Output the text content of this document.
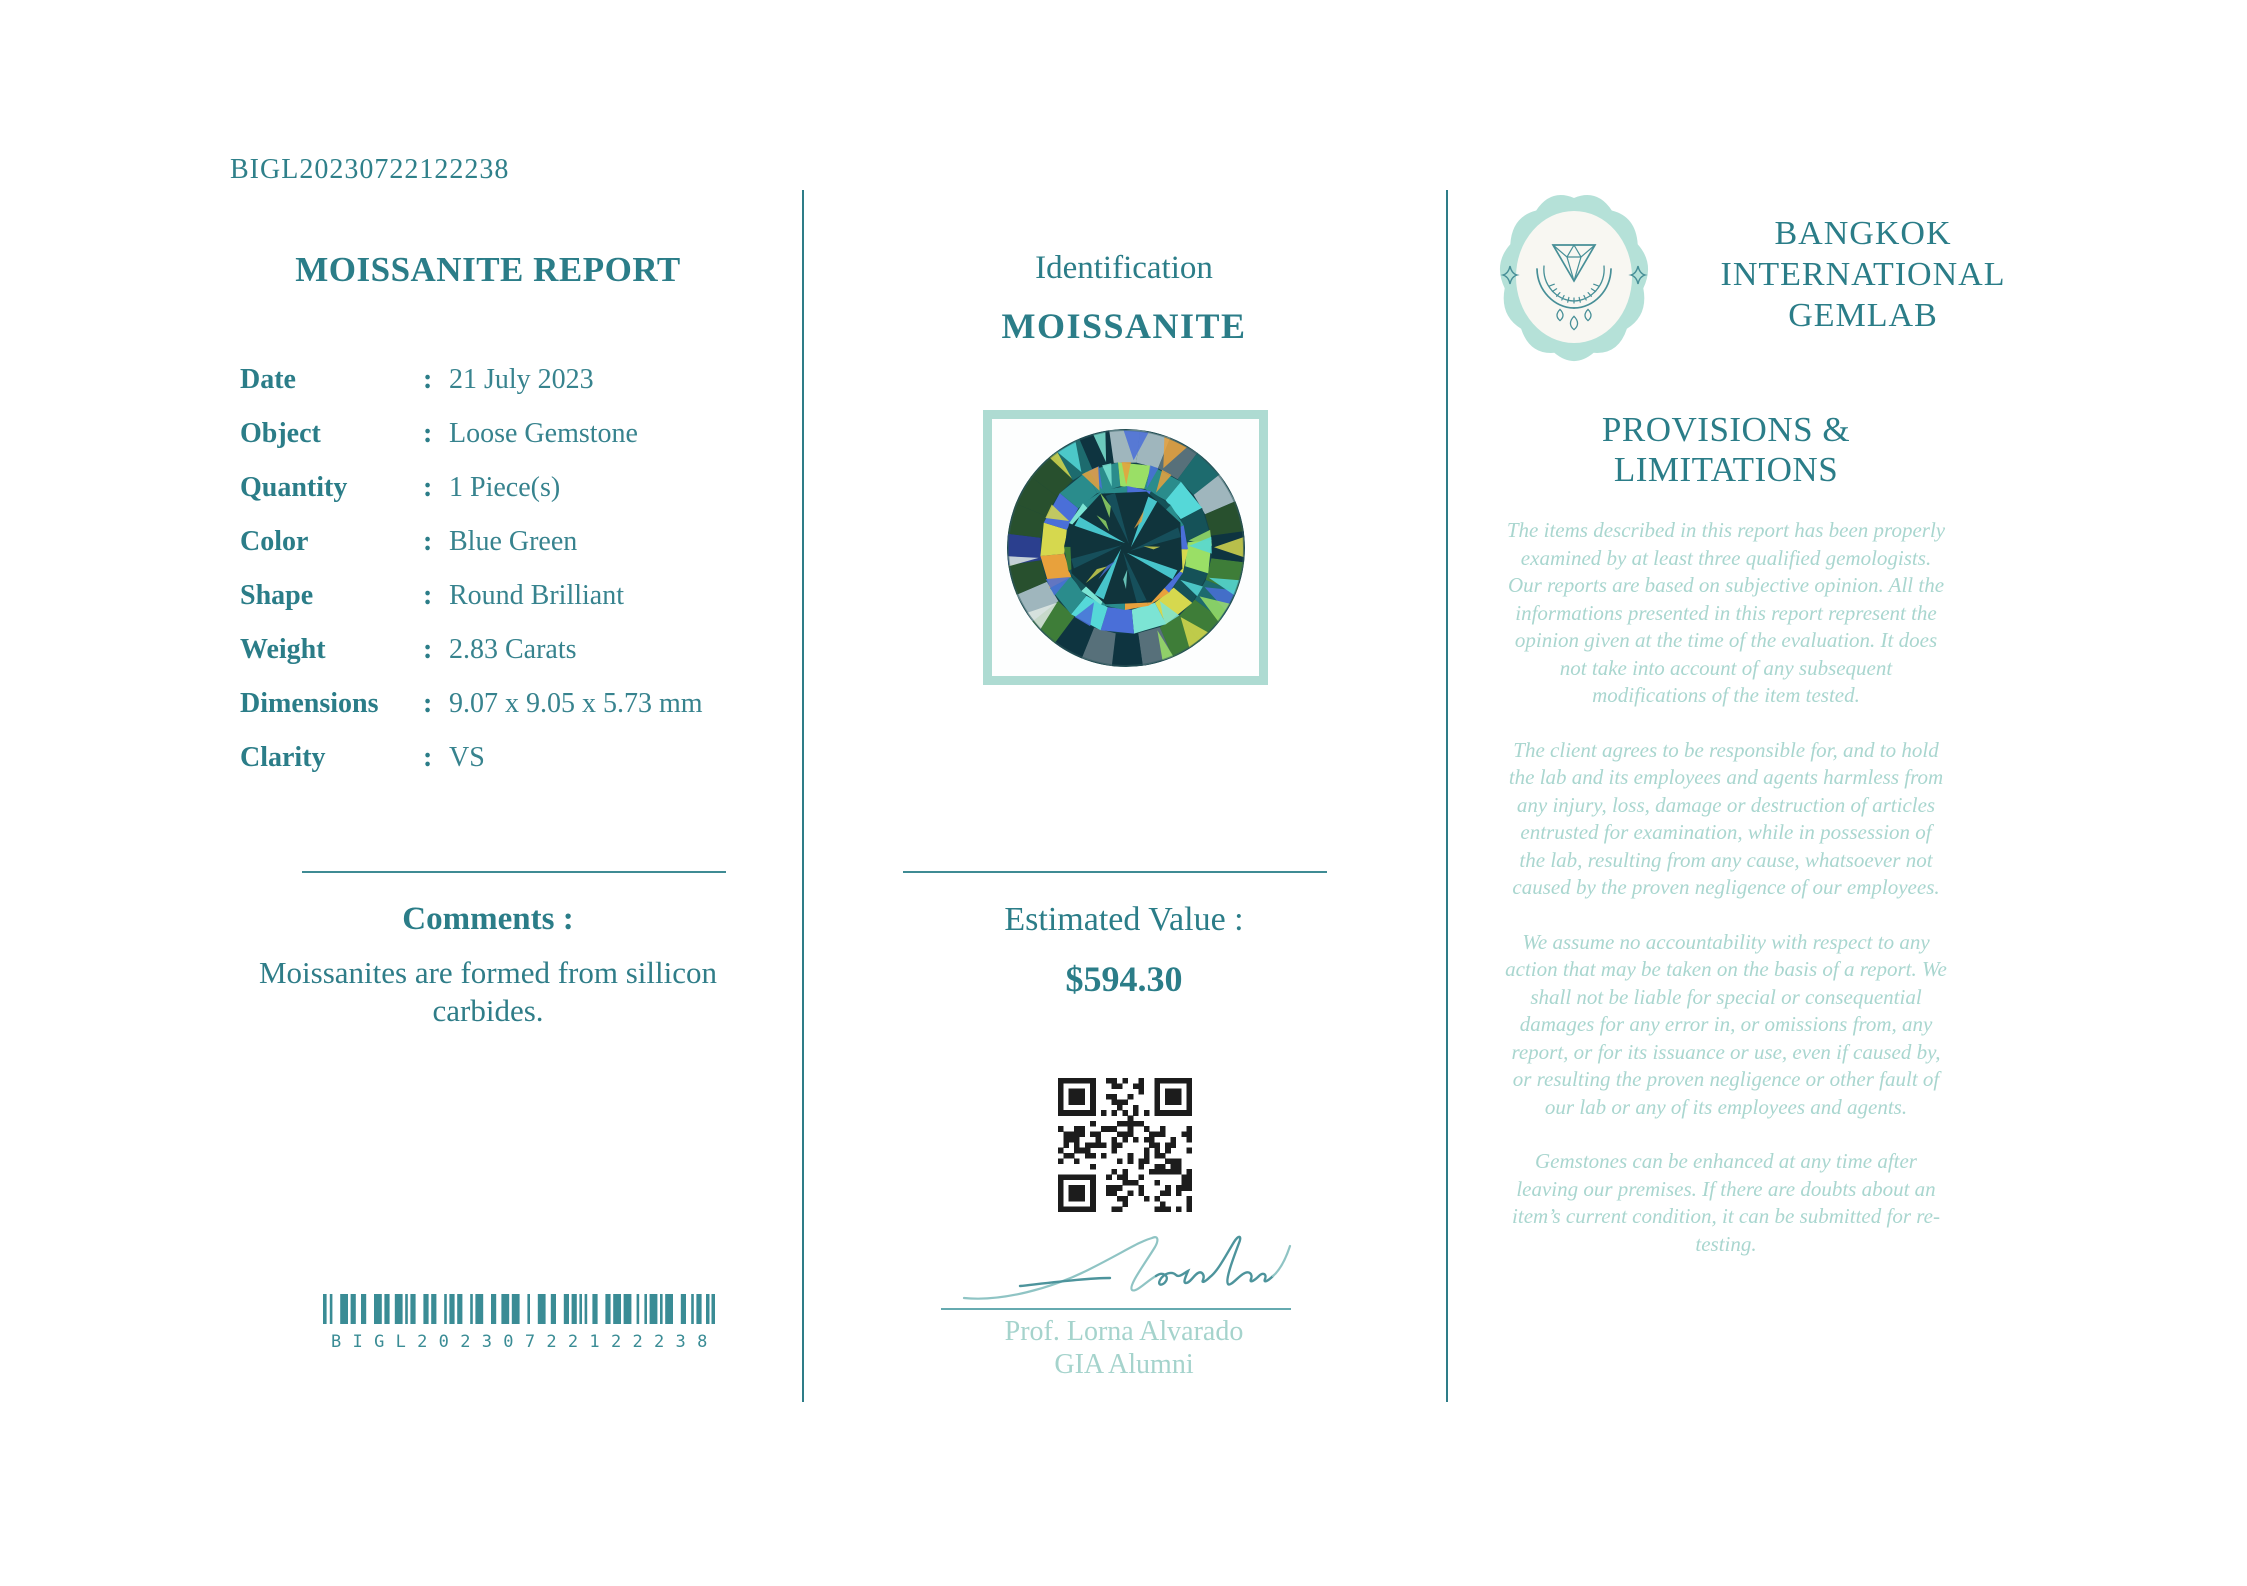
BIGL20230722122238
MOISSANITE REPORT
Date	: 21 July 2023
Object	: Loose Gemstone
Quantity	: 1 Piece(s)
Color	: Blue Green
Shape	: Round Brilliant
Weight	: 2.83 Carats
Dimensions	: 9.07 x 9.05 x 5.73 mm
Clarity	: VS
Comments :
Moissanites are formed from sillicon carbides.
BIGL20230722122238
Identification
MOISSANITE
Estimated Value :
$594.30
Prof. Lorna Alvarado
GIA Alumni
BANGKOK
INTERNATIONAL
GEMLAB
PROVISIONS & LIMITATIONS

The items described in this report has been properly examined by at least three qualified gemologists. Our reports are based on subjective opinion. All the informations presented in this report represent the opinion given at the time of the evaluation. It does not take into account of any subsequent modifications of the item tested.

The client agrees to be responsible for, and to hold the lab and its employees and agents harmless from any injury, loss, damage or destruction of articles entrusted for examination, while in possession of the lab, resulting from any cause, whatsoever not caused by the proven negligence of our employees.

We assume no accountability with respect to any action that may be taken on the basis of a report. We shall not be liable for special or consequential damages for any error in, or omissions from, any report, or for its issuance or use, even if caused by, or resulting the proven negligence or other fault of our lab or any of its employees and agents.

Gemstones can be enhanced at any time after leaving our premises. If there are doubts about an item’s current condition, it can be submitted for re-testing.
